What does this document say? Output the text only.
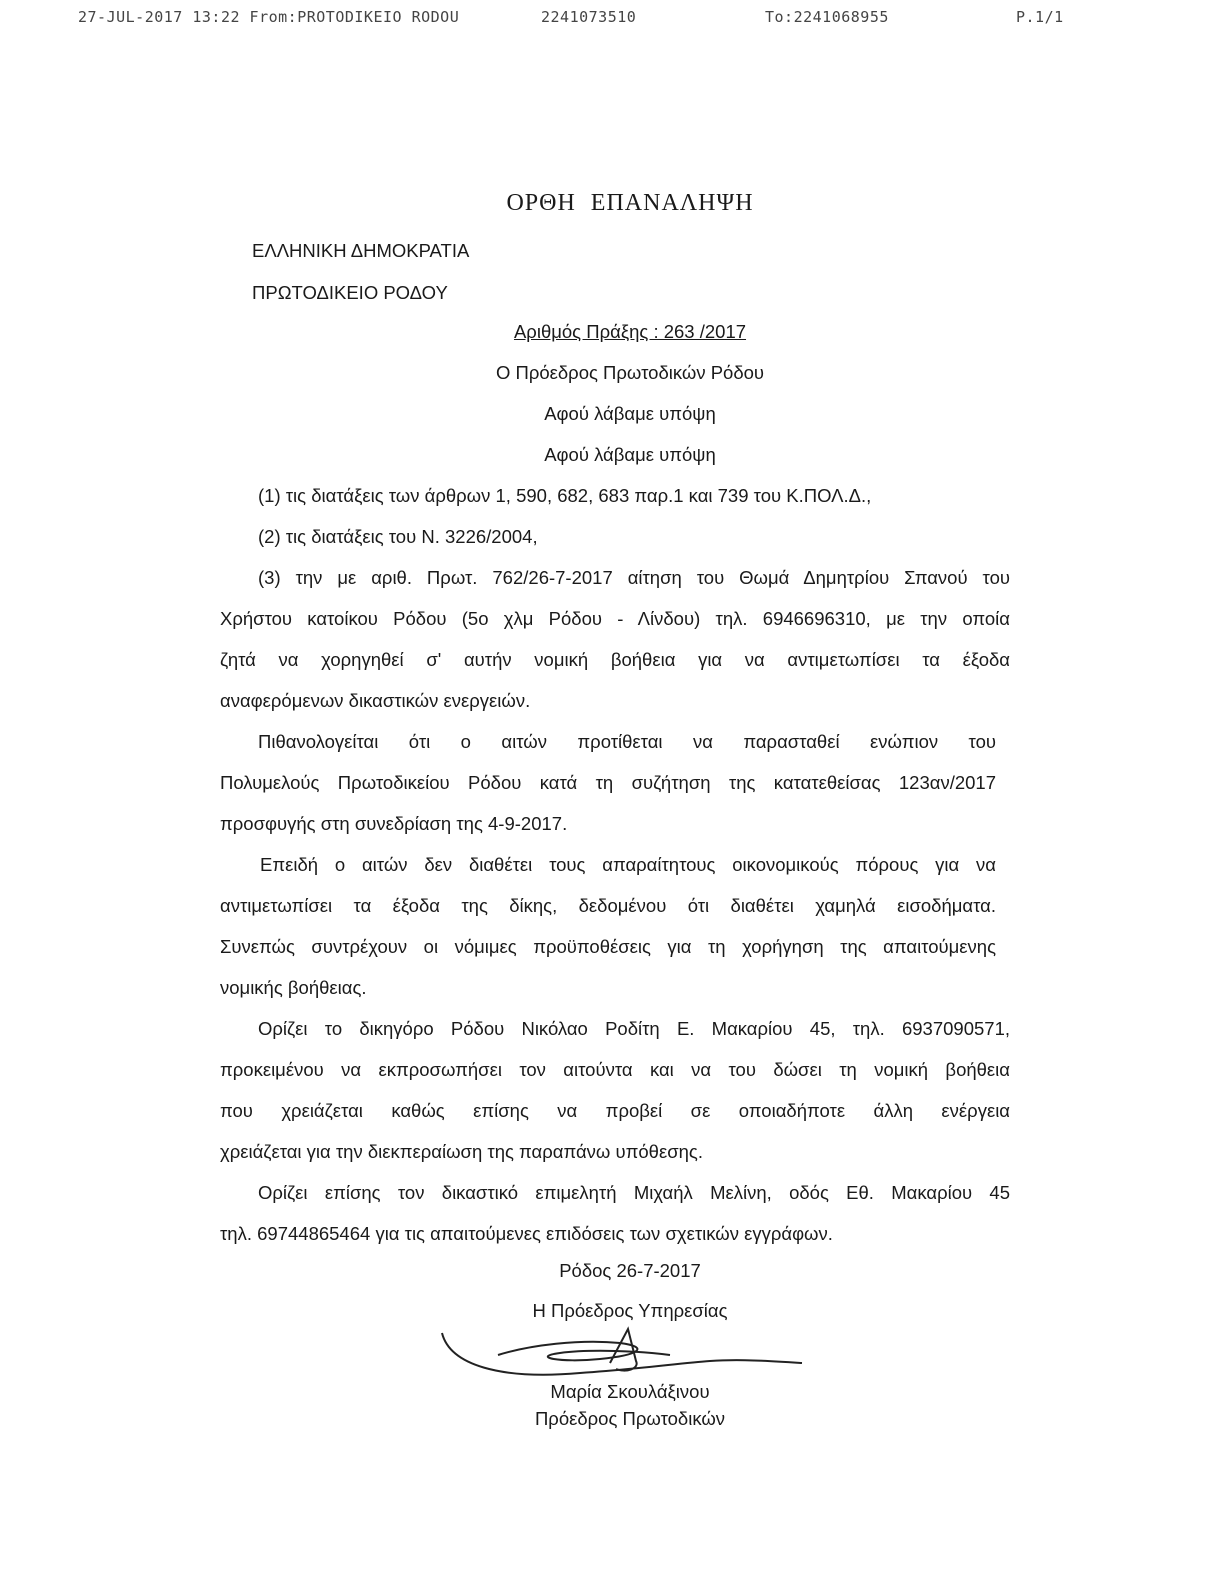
27-JUL-2017 13:22 From:PROTODIKEIO RODOU	2241073510	To:2241068955	P.1/1
ΟΡΘΗ ΕΠΑΝΑΛΗΨΗ
ΕΛΛΗΝΙΚΗ ΔΗΜΟΚΡΑΤΙΑ
ΠΡΩΤΟΔΙΚΕΙΟ ΡΟΔΟΥ
Αριθμός Πράξης : 263 /2017
Ο Πρόεδρος Πρωτοδικών Ρόδου
Αφού λάβαμε υπόψη
Αφού λάβαμε υπόψη
(1) τις διατάξεις των άρθρων 1, 590, 682, 683 παρ.1 και 739 του Κ.ΠΟΛ.Δ.,
(2) τις διατάξεις του Ν. 3226/2004,
(3) την με αριθ. Πρωτ. 762/26-7-2017 αίτηση του Θωμά Δημητρίου Σπανού του
Χρήστου κατοίκου Ρόδου (5ο χλμ Ρόδου - Λίνδου) τηλ. 6946696310, με την οποία
ζητά να χορηγηθεί σ' αυτήν νομική βοήθεια για να αντιμετωπίσει τα έξοδα
αναφερόμενων δικαστικών ενεργειών.
Πιθανολογείται ότι ο αιτών προτίθεται να παρασταθεί ενώπιον του
Πολυμελούς Πρωτοδικείου Ρόδου κατά τη συζήτηση της κατατεθείσας 123αν/2017
προσφυγής στη συνεδρίαση της 4-9-2017.
Επειδή ο αιτών δεν διαθέτει τους απαραίτητους οικονομικούς πόρους για να
αντιμετωπίσει τα έξοδα της δίκης, δεδομένου ότι διαθέτει χαμηλά εισοδήματα.
Συνεπώς συντρέχουν οι νόμιμες προϋποθέσεις για τη χορήγηση της απαιτούμενης
νομικής βοήθειας.
Ορίζει το δικηγόρο Ρόδου Νικόλαο Ροδίτη Ε. Μακαρίου 45, τηλ. 6937090571,
προκειμένου να εκπροσωπήσει τον αιτούντα και να του δώσει τη νομική βοήθεια
που χρειάζεται καθώς επίσης να προβεί σε οποιαδήποτε άλλη ενέργεια
χρειάζεται για την διεκπεραίωση της παραπάνω υπόθεσης.
Ορίζει επίσης τον δικαστικό επιμελητή Μιχαήλ Μελίνη, οδός Εθ. Μακαρίου 45
τηλ. 69744865464 για τις απαιτούμενες επιδόσεις των σχετικών εγγράφων.
Ρόδος 26-7-2017
Η Πρόεδρος Υπηρεσίας
Μαρία Σκουλάξινου
Πρόεδρος Πρωτοδικών
